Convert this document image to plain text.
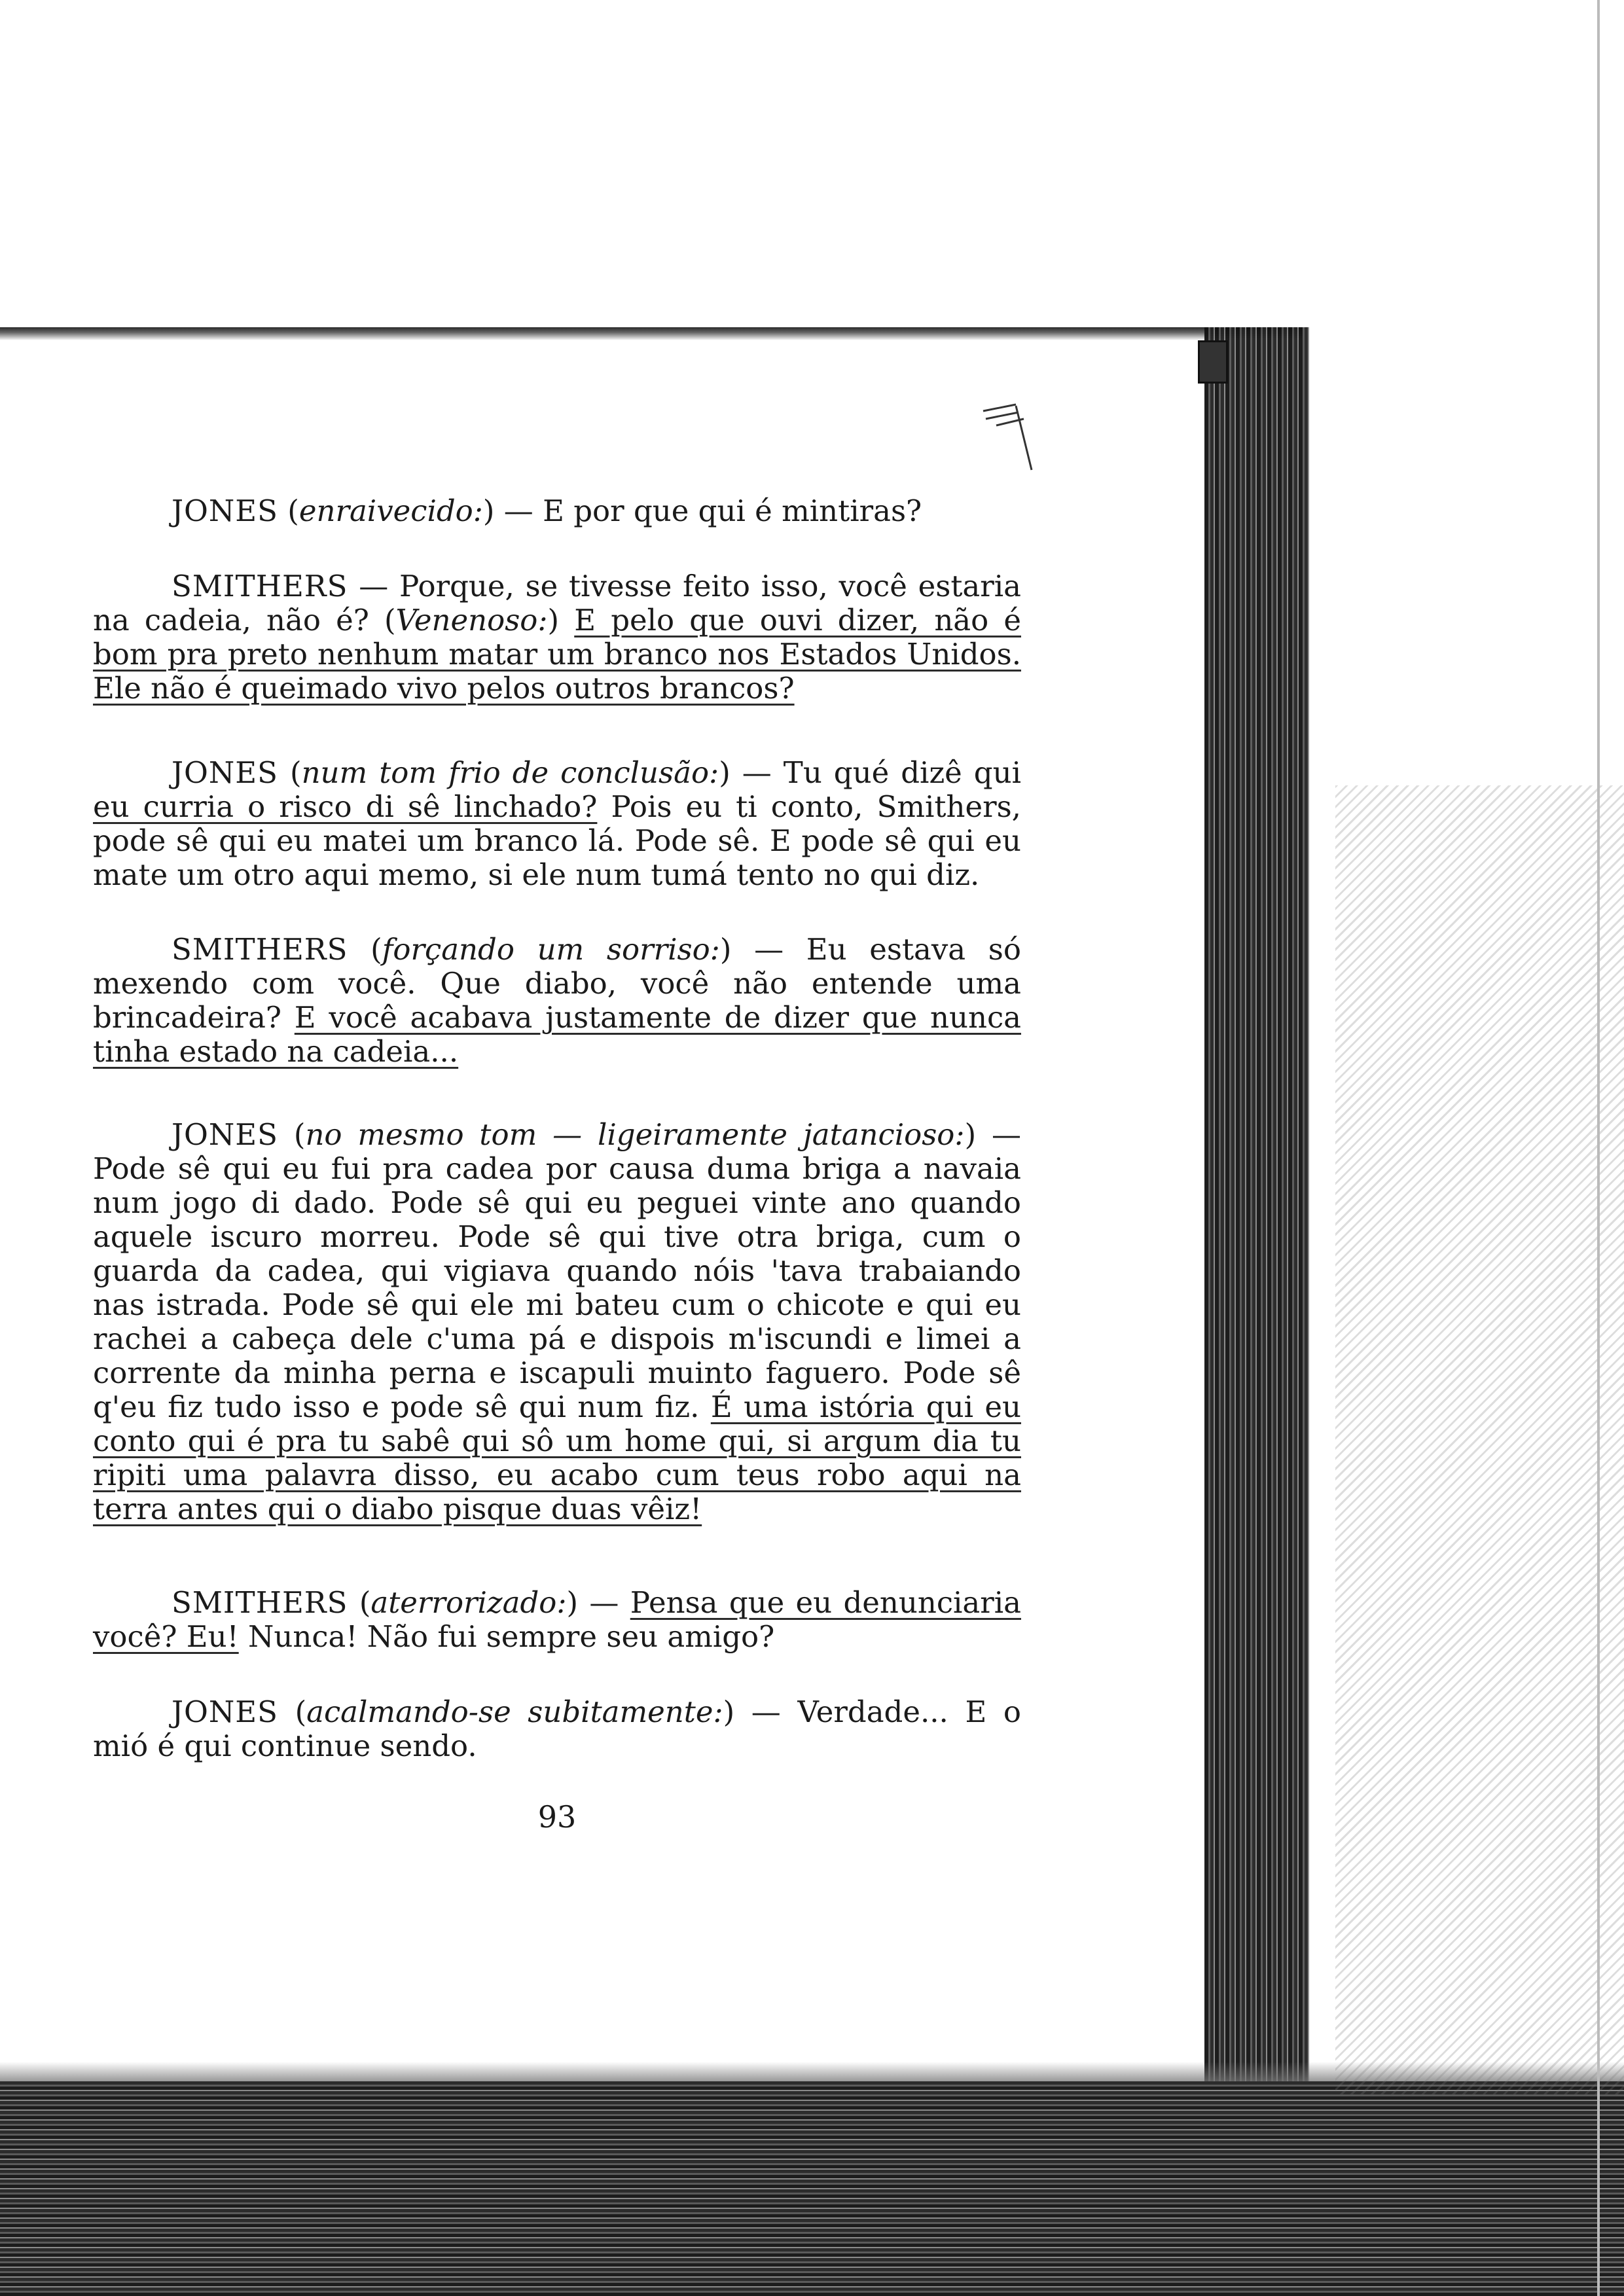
JONES (enraivecido:) — E por que qui é mintiras?

SMITHERS — Porque, se tivesse feito isso, você estaria na cadeia, não é? (Venenoso:) E pelo que ouvi dizer, não é bom pra preto nenhum matar um branco nos Estados Unidos. Ele não é queimado vivo pelos outros brancos?

JONES (num tom frio de conclusão:) — Tu qué dizê qui eu curria o risco di sê linchado? Pois eu ti conto, Smithers, pode sê qui eu matei um branco lá. Pode sê. E pode sê qui eu mate um otro aqui memo, si ele num tumá tento no qui diz.

SMITHERS (forçando um sorriso:) — Eu estava só mexendo com você. Que diabo, você não entende uma brincadeira? E você acabava justamente de dizer que nunca tinha estado na cadeia...

JONES (no mesmo tom — ligeiramente jatancioso:) — Pode sê qui eu fui pra cadea por causa duma briga a navaia num jogo di dado. Pode sê qui eu peguei vinte ano quando aquele iscuro morreu. Pode sê qui tive otra briga, cum o guarda da cadea, qui vigiava quando nóis 'tava trabaiando nas istrada. Pode sê qui ele mi bateu cum o chicote e qui eu rachei a cabeça dele c'uma pá e dispois m'iscundi e limei a corrente da minha perna e iscapuli muinto faguero. Pode sê q'eu fiz tudo isso e pode sê qui num fiz. É uma istória qui eu conto qui é pra tu sabê qui sô um home qui, si argum dia tu ripiti uma palavra disso, eu acabo cum teus robo aqui na terra antes qui o diabo pisque duas vêiz!

SMITHERS (aterrorizado:) — Pensa que eu denunciaria você? Eu! Nunca! Não fui sempre seu amigo?

JONES (acalmando-se subitamente:) — Verdade... E o mió é qui continue sendo.

93
